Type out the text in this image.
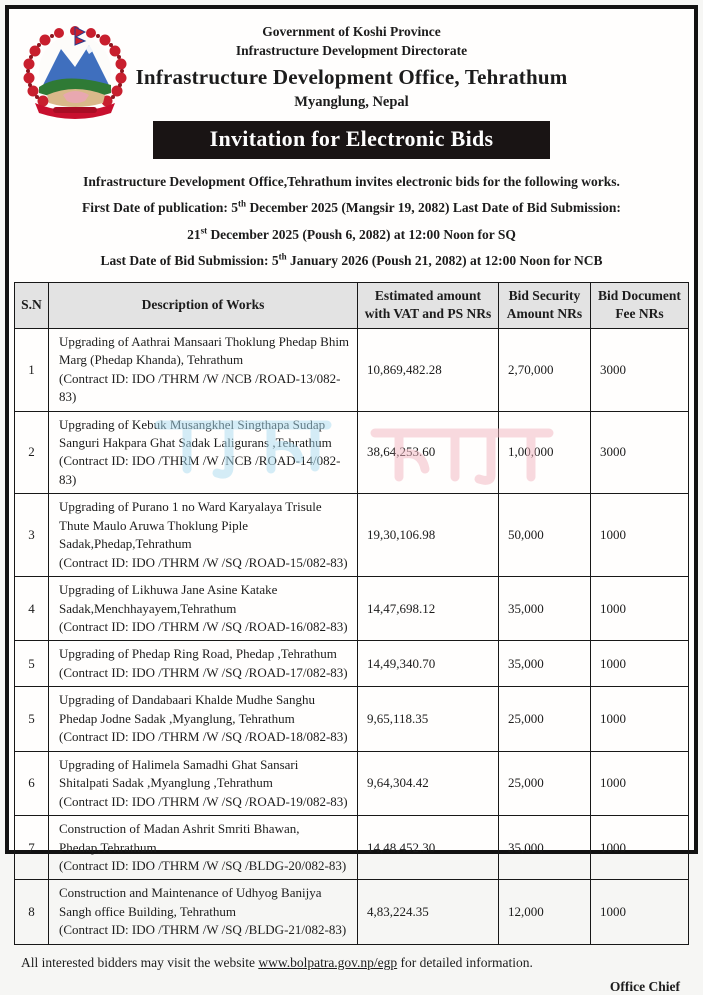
Government of Koshi Province
Infrastructure Development Directorate
Infrastructure Development Office, Tehrathum
Myanglung, Nepal
Invitation for Electronic Bids
Infrastructure Development Office,Tehrathum invites electronic bids for the following works.
First Date of publication: 5th December 2025 (Mangsir 19, 2082) Last Date of Bid Submission:
21st December 2025 (Poush 6, 2082) at 12:00 Noon for SQ
Last Date of Bid Submission: 5th January 2026 (Poush 21, 2082) at 12:00 Noon for NCB
S.N	Description of Works	Estimated amount with VAT and PS NRs	Bid Security Amount NRs	Bid Document Fee NRs
1	Upgrading of Aathrai Mansaari Thoklung Phedap Bhim Marg (Phedap Khanda), Tehrathum
(Contract ID: IDO /THRM /W /NCB /ROAD-13/082-83)	10,869,482.28	2,70,000	3000
2	Upgrading of Kebuk Musangkhel Singthapa Sudap Sanguri Hakpara Ghat Sadak Laligurans ,Tehrathum
(Contract ID: IDO /THRM /W /NCB /ROAD-14/082-83)	38,64,253.60	1,00,000	3000
3	Upgrading of Purano 1 no Ward Karyalaya Trisule Thute Maulo Aruwa Thoklung Piple Sadak,Phedap,Tehrathum
(Contract ID: IDO /THRM /W /SQ /ROAD-15/082-83)	19,30,106.98	50,000	1000
4	Upgrading of Likhuwa Jane Asine Katake Sadak,Menchhayayem,Tehrathum
(Contract ID: IDO /THRM /W /SQ /ROAD-16/082-83)	14,47,698.12	35,000	1000
5	Upgrading of Phedap Ring Road, Phedap ,Tehrathum
(Contract ID: IDO /THRM /W /SQ /ROAD-17/082-83)	14,49,340.70	35,000	1000
5	Upgrading of Dandabaari Khalde Mudhe Sanghu Phedap Jodne Sadak ,Myanglung, Tehrathum
(Contract ID: IDO /THRM /W /SQ /ROAD-18/082-83)	9,65,118.35	25,000	1000
6	Upgrading of Halimela Samadhi Ghat Sansari Shitalpati Sadak ,Myanglung ,Tehrathum
(Contract ID: IDO /THRM /W /SQ /ROAD-19/082-83)	9,64,304.42	25,000	1000
7	Construction of Madan Ashrit Smriti Bhawan, Phedap,Tehrathum
(Contract ID: IDO /THRM /W /SQ /BLDG-20/082-83)	14,48,452.30	35,000	1000
8	Construction and Maintenance of Udhyog Banijya Sangh office Building, Tehrathum
(Contract ID: IDO /THRM /W /SQ /BLDG-21/082-83)	4,83,224.35	12,000	1000
All interested bidders may visit the website www.bolpatra.gov.np/egp for detailed information.
Office Chief
